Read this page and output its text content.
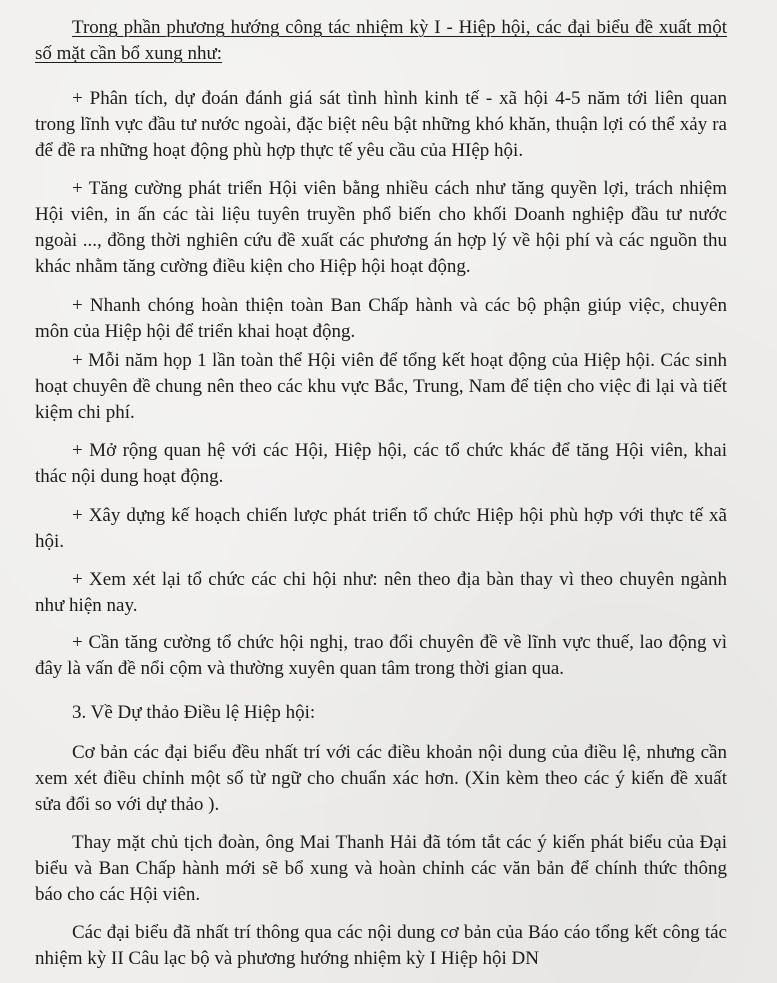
Trong phần phương hướng công tác nhiệm kỳ I - Hiệp hội, các đại biểu đề xuất một số mặt cần bổ xung như:

+ Phân tích, dự đoán đánh giá sát tình hình kinh tế - xã hội 4-5 năm tới liên quan trong lĩnh vực đầu tư nước ngoài, đặc biệt nêu bật những khó khăn, thuận lợi có thể xảy ra để đề ra những hoạt động phù hợp thực tế yêu cầu của HIệp hội.

+ Tăng cường phát triển Hội viên bằng nhiều cách như tăng quyền lợi, trách nhiệm Hội viên, in ấn các tài liệu tuyên truyền phổ biến cho khối Doanh nghiệp đầu tư nước ngoài ..., đồng thời nghiên cứu đề xuất các phương án hợp lý về hội phí và các nguồn thu khác nhằm tăng cường điều kiện cho Hiệp hội hoạt động.

+ Nhanh chóng hoàn thiện toàn Ban Chấp hành và các bộ phận giúp việc, chuyên môn của Hiệp hội để triển khai hoạt động.

+ Mỗi năm họp 1 lần toàn thể Hội viên để tổng kết hoạt động của Hiệp hội. Các sinh hoạt chuyên đề chung nên theo các khu vực Bắc, Trung, Nam để tiện cho việc đi lại và tiết kiệm chi phí.

+ Mở rộng quan hệ với các Hội, Hiệp hội, các tổ chức khác để tăng Hội viên, khai thác nội dung hoạt động.

+ Xây dựng kế hoạch chiến lược phát triển tổ chức Hiệp hội phù hợp với thực tế xã hội.

+ Xem xét lại tổ chức các chi hội như: nên theo địa bàn thay vì theo chuyên ngành như hiện nay.

+ Cần tăng cường tổ chức hội nghị, trao đổi chuyên đề về lĩnh vực thuế, lao động vì đây là vấn đề nổi cộm và thường xuyên quan tâm trong thời gian qua.

3. Về Dự thảo Điều lệ Hiệp hội:

Cơ bản các đại biểu đều nhất trí với các điều khoản nội dung của điều lệ, nhưng cần xem xét điều chỉnh một số từ ngữ cho chuẩn xác hơn. (Xin kèm theo các ý kiến đề xuất sửa đổi so với dự thảo ).

Thay mặt chủ tịch đoàn, ông Mai Thanh Hải đã tóm tắt các ý kiến phát biểu của Đại biểu và Ban Chấp hành mới sẽ bổ xung và hoàn chỉnh các văn bản để chính thức thông báo cho các Hội viên.

Các đại biểu đã nhất trí thông qua các nội dung cơ bản của Báo cáo tổng kết công tác nhiệm kỳ II Câu lạc bộ và phương hướng nhiệm kỳ I Hiệp hội DN
